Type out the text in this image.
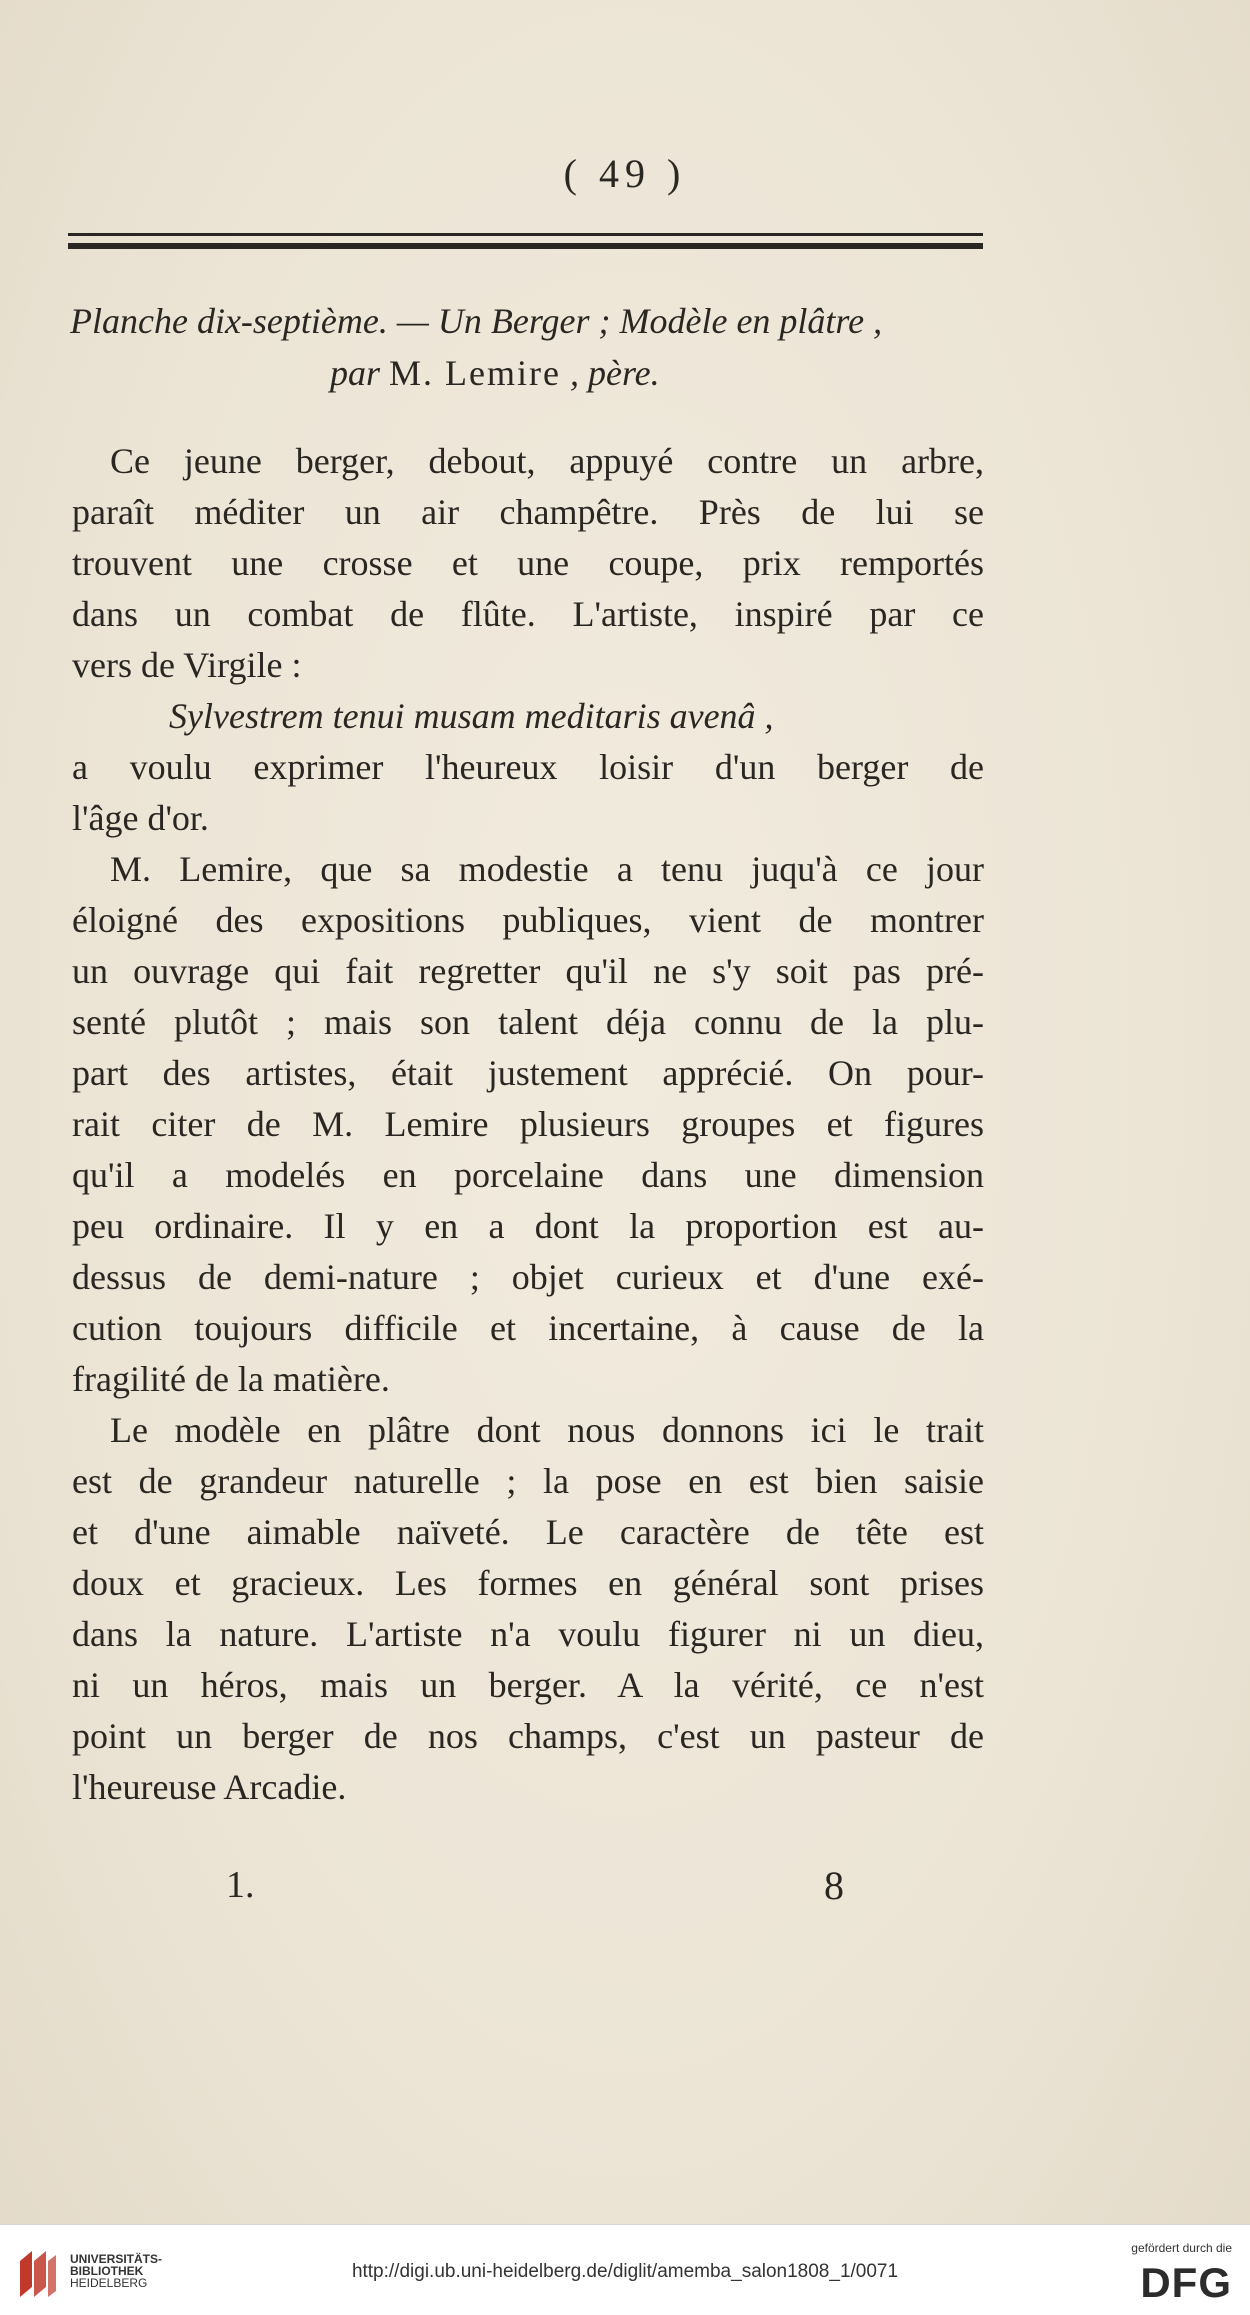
( 49 )
Planche dix-septième. — Un Berger ; Modèle en plâtre ,
par M. Lemire , père.
Ce jeune berger, debout, appuyé contre un arbre,
paraît méditer un air champêtre. Près de lui se
trouvent une crosse et une coupe, prix remportés
dans un combat de flûte. L'artiste, inspiré par ce
vers de Virgile :
Sylvestrem tenui musam meditaris avenâ ,
a voulu exprimer l'heureux loisir d'un berger de
l'âge d'or.
M. Lemire, que sa modestie a tenu juqu'à ce jour
éloigné des expositions publiques, vient de montrer
un ouvrage qui fait regretter qu'il ne s'y soit pas pré-
senté plutôt ; mais son talent déja connu de la plu-
part des artistes, était justement apprécié. On pour-
rait citer de M. Lemire plusieurs groupes et figures
qu'il a modelés en porcelaine dans une dimension
peu ordinaire. Il y en a dont la proportion est au-
dessus de demi-nature ; objet curieux et d'une exé-
cution toujours difficile et incertaine, à cause de la
fragilité de la matière.
Le modèle en plâtre dont nous donnons ici le trait
est de grandeur naturelle ; la pose en est bien saisie
et d'une aimable naïveté. Le caractère de tête est
doux et gracieux. Les formes en général sont prises
dans la nature. L'artiste n'a voulu figurer ni un dieu,
ni un héros, mais un berger. A la vérité, ce n'est
point un berger de nos champs, c'est un pasteur de
l'heureuse Arcadie.
1.	8
UNIVERSITÄTS-
BIBLIOTHEK
HEIDELBERG
http://digi.ub.uni-heidelberg.de/diglit/amemba_salon1808_1/0071
gefördert durch die
DFG
